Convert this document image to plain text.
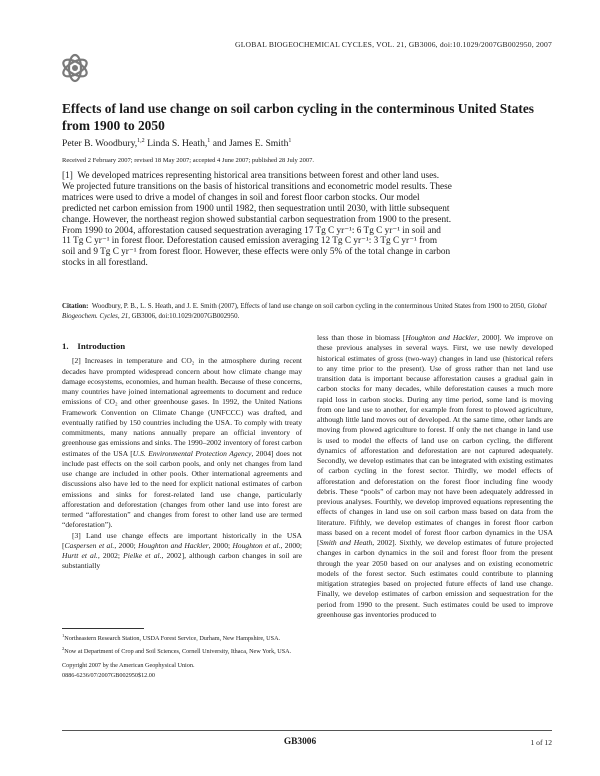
GLOBAL BIOGEOCHEMICAL CYCLES, VOL. 21, GB3006, doi:10.1029/2007GB002950, 2007
Effects of land use change on soil carbon cycling in the conterminous United States from 1900 to 2050
Peter B. Woodbury,$^{1,2}$ Linda S. Heath,$^1$ and James E. Smith$^1$
Received 2 February 2007; revised 18 May 2007; accepted 4 June 2007; published 28 July 2007.

[1] We developed matrices representing historical area transitions between forest and other land uses. We projected future transitions on the basis of historical transitions and econometric model results. These matrices were used to drive a model of changes in soil and forest floor carbon stocks. Our model predicted net carbon emission from 1900 until 1982, then sequestration until 2030, with little subsequent change. However, the northeast region showed substantial carbon sequestration from 1900 to the present. From 1990 to 2004, afforestation caused sequestration averaging 17 Tg C yr⁻¹: 6 Tg C yr⁻¹ in soil and 11 Tg C yr⁻¹ in forest floor. Deforestation caused emission averaging 12 Tg C yr⁻¹: 3 Tg C yr⁻¹ from soil and 9 Tg C yr⁻¹ from forest floor. However, these effects were only 5% of the total change in carbon stocks in all forestland.

Citation: Woodbury, P. B., L. S. Heath, and J. E. Smith (2007), Effects of land use change on soil carbon cycling in the conterminous United States from 1900 to 2050, Global Biogeochem. Cycles, 21, GB3006, doi:10.1029/2007GB002950.

1. Introduction

[2] Increases in temperature and CO₂ in the atmosphere during recent decades have prompted widespread concern about how climate change may damage ecosystems, economies, and human health. Because of these concerns, many countries have joined international agreements to document and reduce emissions of CO₂ and other greenhouse gases. In 1992, the United Nations Framework Convention on Climate Change (UNFCCC) was drafted, and eventually ratified by 150 countries including the USA. To comply with treaty commitments, many nations annually prepare an official inventory of greenhouse gas emissions and sinks. The 1990–2002 inventory of forest carbon estimates of the USA [U.S. Environmental Protection Agency, 2004] does not include past effects on the soil carbon pools, and only net changes from land use change are included in other pools. Other international agreements and discussions also have led to the need for explicit national estimates of carbon emissions and sinks for forest-related land use change, particularly afforestation and deforestation (changes from other land use into forest are termed “afforestation” and changes from forest to other land use are termed “deforestation”).

[3] Land use change effects are important historically in the USA [Caspersen et al., 2000; Houghton and Hackler, 2000; Houghton et al., 2000; Hurtt et al., 2002; Pielke et al., 2002], although carbon changes in soil are substantially

less than those in biomass [Houghton and Hackler, 2000]. We improve on these previous analyses in several ways. First, we use newly developed historical estimates of gross (two-way) changes in land use (historical refers to any time prior to the present). Use of gross rather than net land use transition data is important because afforestation causes a gradual gain in carbon stocks for many decades, while deforestation causes a much more rapid loss in carbon stocks. During any time period, some land is moving from one land use to another, for example from forest to plowed agriculture, although little land moves out of developed. At the same time, other lands are moving from plowed agriculture to forest. If only the net change in land use is used to model the effects of land use on carbon cycling, the different dynamics of afforestation and deforestation are not captured adequately. Secondly, we develop estimates that can be integrated with existing estimates of carbon cycling in the forest sector. Thirdly, we model effects of afforestation and deforestation on the forest floor including fine woody debris. These “pools” of carbon may not have been adequately addressed in previous analyses. Fourthly, we develop improved equations representing the effects of changes in land use on soil carbon mass based on data from the literature. Fifthly, we develop estimates of changes in forest floor carbon mass based on a recent model of forest floor carbon dynamics in the USA [Smith and Heath, 2002]. Sixthly, we develop estimates of future projected changes in carbon dynamics in the soil and forest floor from the present through the year 2050 based on our analyses and on existing econometric models of the forest sector. Such estimates could contribute to planning mitigation strategies based on projected future effects of land use change. Finally, we develop estimates of carbon emission and sequestration for the period from 1990 to the present. Such estimates could be used to improve greenhouse gas inventories produced to

$^1$Northeastern Research Station, USDA Forest Service, Durham, New Hampshire, USA.

$^2$Now at Department of Crop and Soil Sciences, Cornell University, Ithaca, New York, USA.

Copyright 2007 by the American Geophysical Union.

0886-6236/07/2007GB002950$12.00

GB3006	1 of 12
